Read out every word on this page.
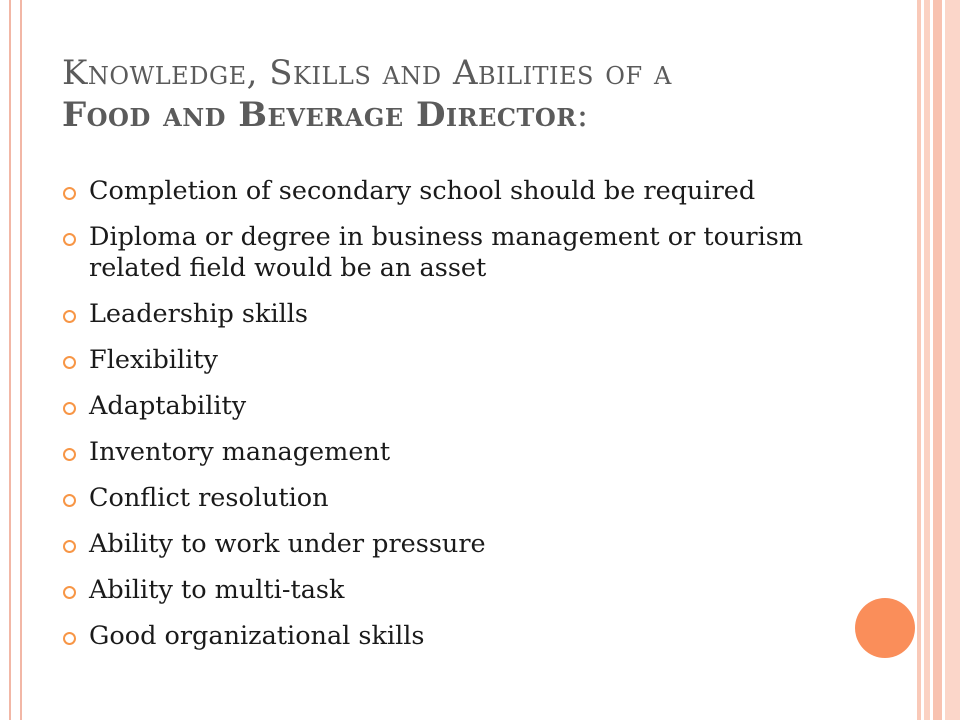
Knowledge, Skills and Abilities of a
Food and Beverage Director:
Completion of secondary school should be required
Diploma or degree in business management or tourism related field would be an asset
Leadership skills
Flexibility
Adaptability
Inventory management
Conflict resolution
Ability to work under pressure
Ability to multi-task
Good organizational skills
